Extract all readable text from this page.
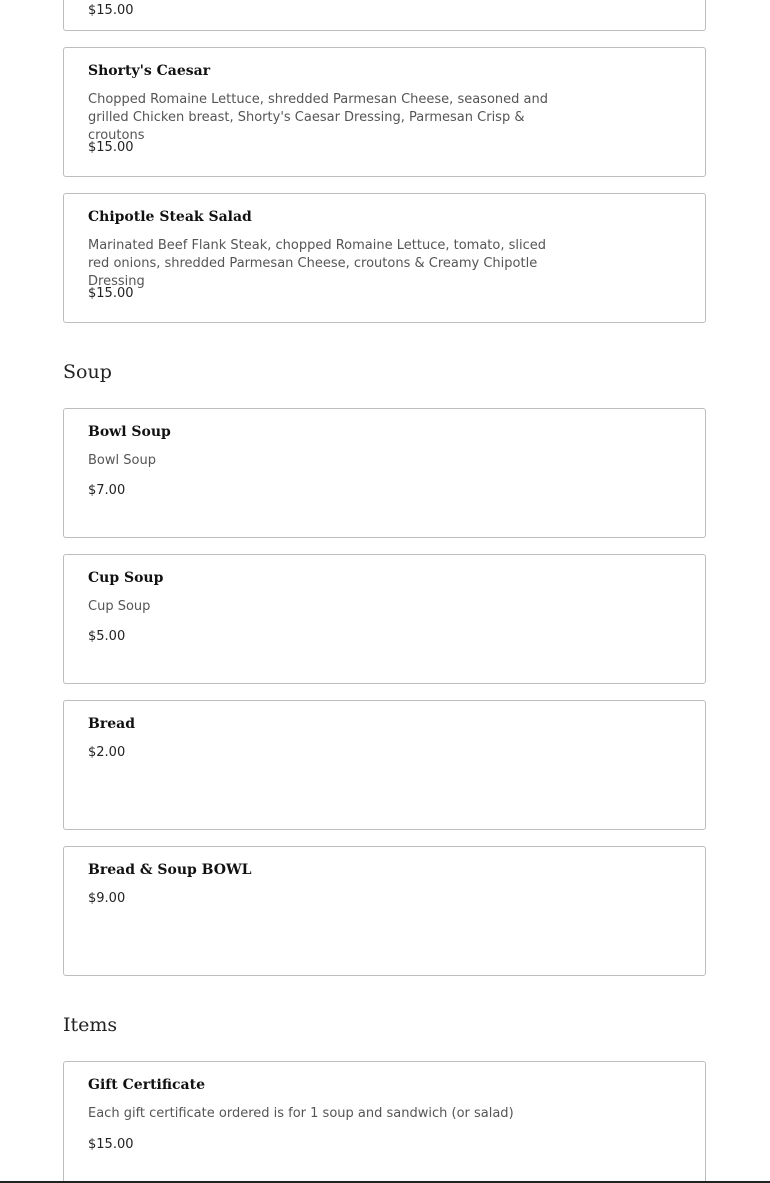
$15.00
Shorty's Caesar
Chopped Romaine Lettuce, shredded Parmesan Cheese, seasoned and grilled Chicken breast, Shorty's Caesar Dressing, Parmesan Crisp & croutons
$15.00
Chipotle Steak Salad
Marinated Beef Flank Steak, chopped Romaine Lettuce, tomato, sliced red onions, shredded Parmesan Cheese, croutons & Creamy Chipotle Dressing
$15.00
Soup
Bowl Soup
Bowl Soup
$7.00
Cup Soup
Cup Soup
$5.00
Bread
$2.00
Bread & Soup BOWL
$9.00
Items
Gift Certificate
Each gift certificate ordered is for 1 soup and sandwich (or salad)
$15.00
